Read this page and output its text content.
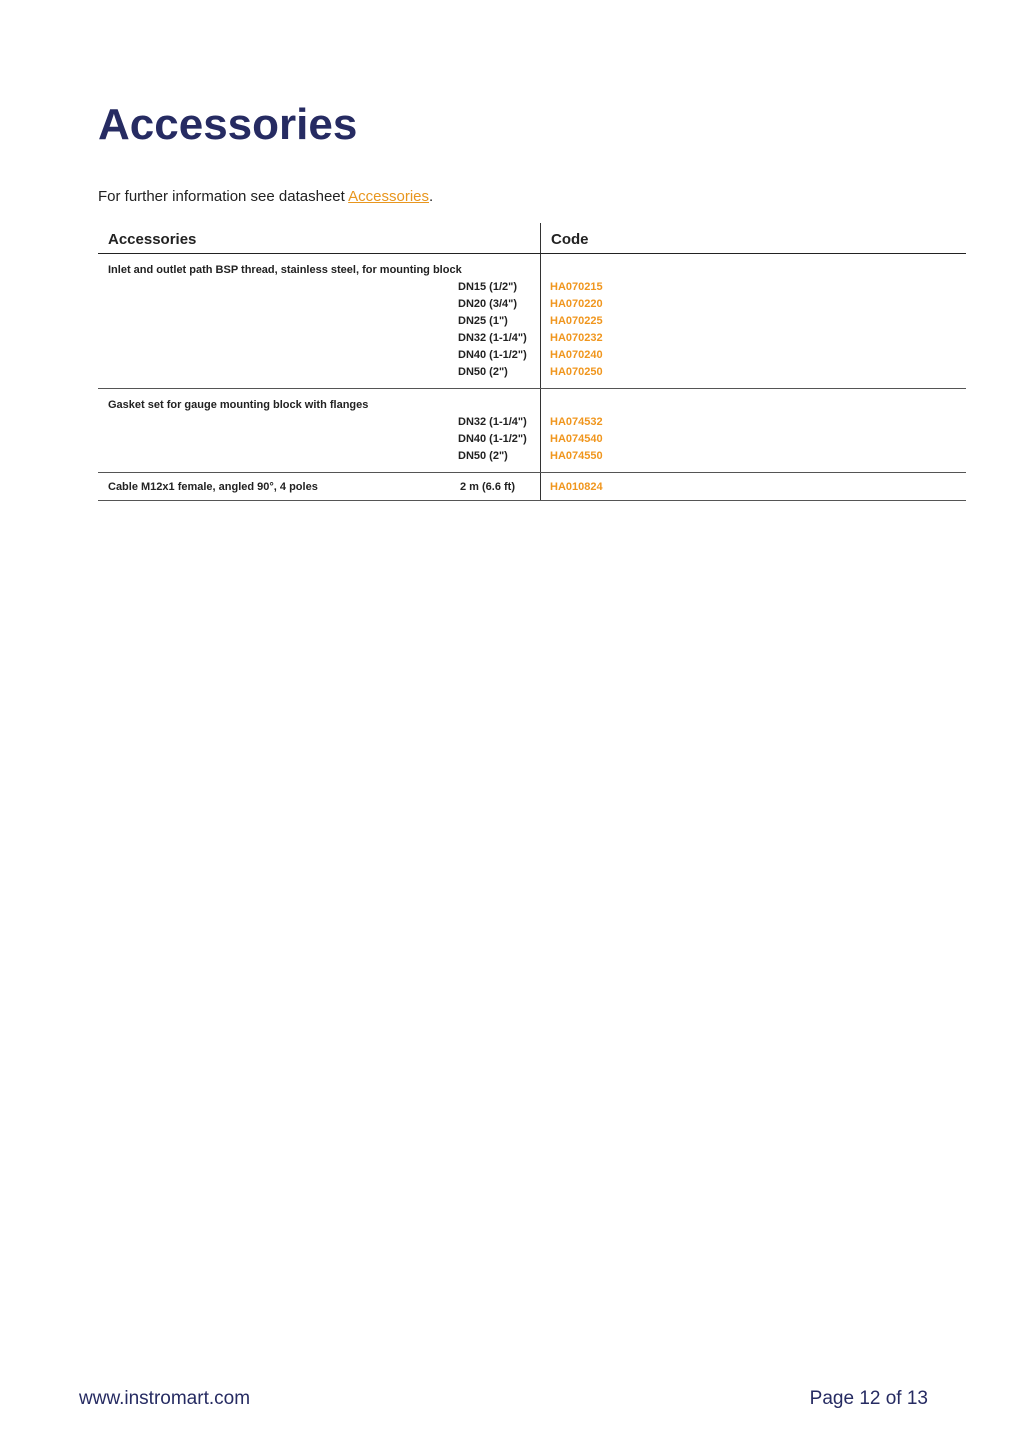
Accessories

For further information see datasheet Accessories.

Accessories	Code
Inlet and outlet path BSP thread, stainless steel, for mounting block
DN15 (1/2")	HA070215
DN20 (3/4")	HA070220
DN25 (1")	HA070225
DN32 (1-1/4") HA070232
DN40 (1-1/2") HA070240
DN50 (2")	HA070250
Gasket set for gauge mounting block with flanges
DN32 (1-1/4") HA074532
DN40 (1-1/2") HA074540
DN50 (2")	HA074550
Cable M12x1 female, angled 90°, 4 poles	2 m (6.6 ft)	HA010824
www.instromart.com	Page 12 of 13
